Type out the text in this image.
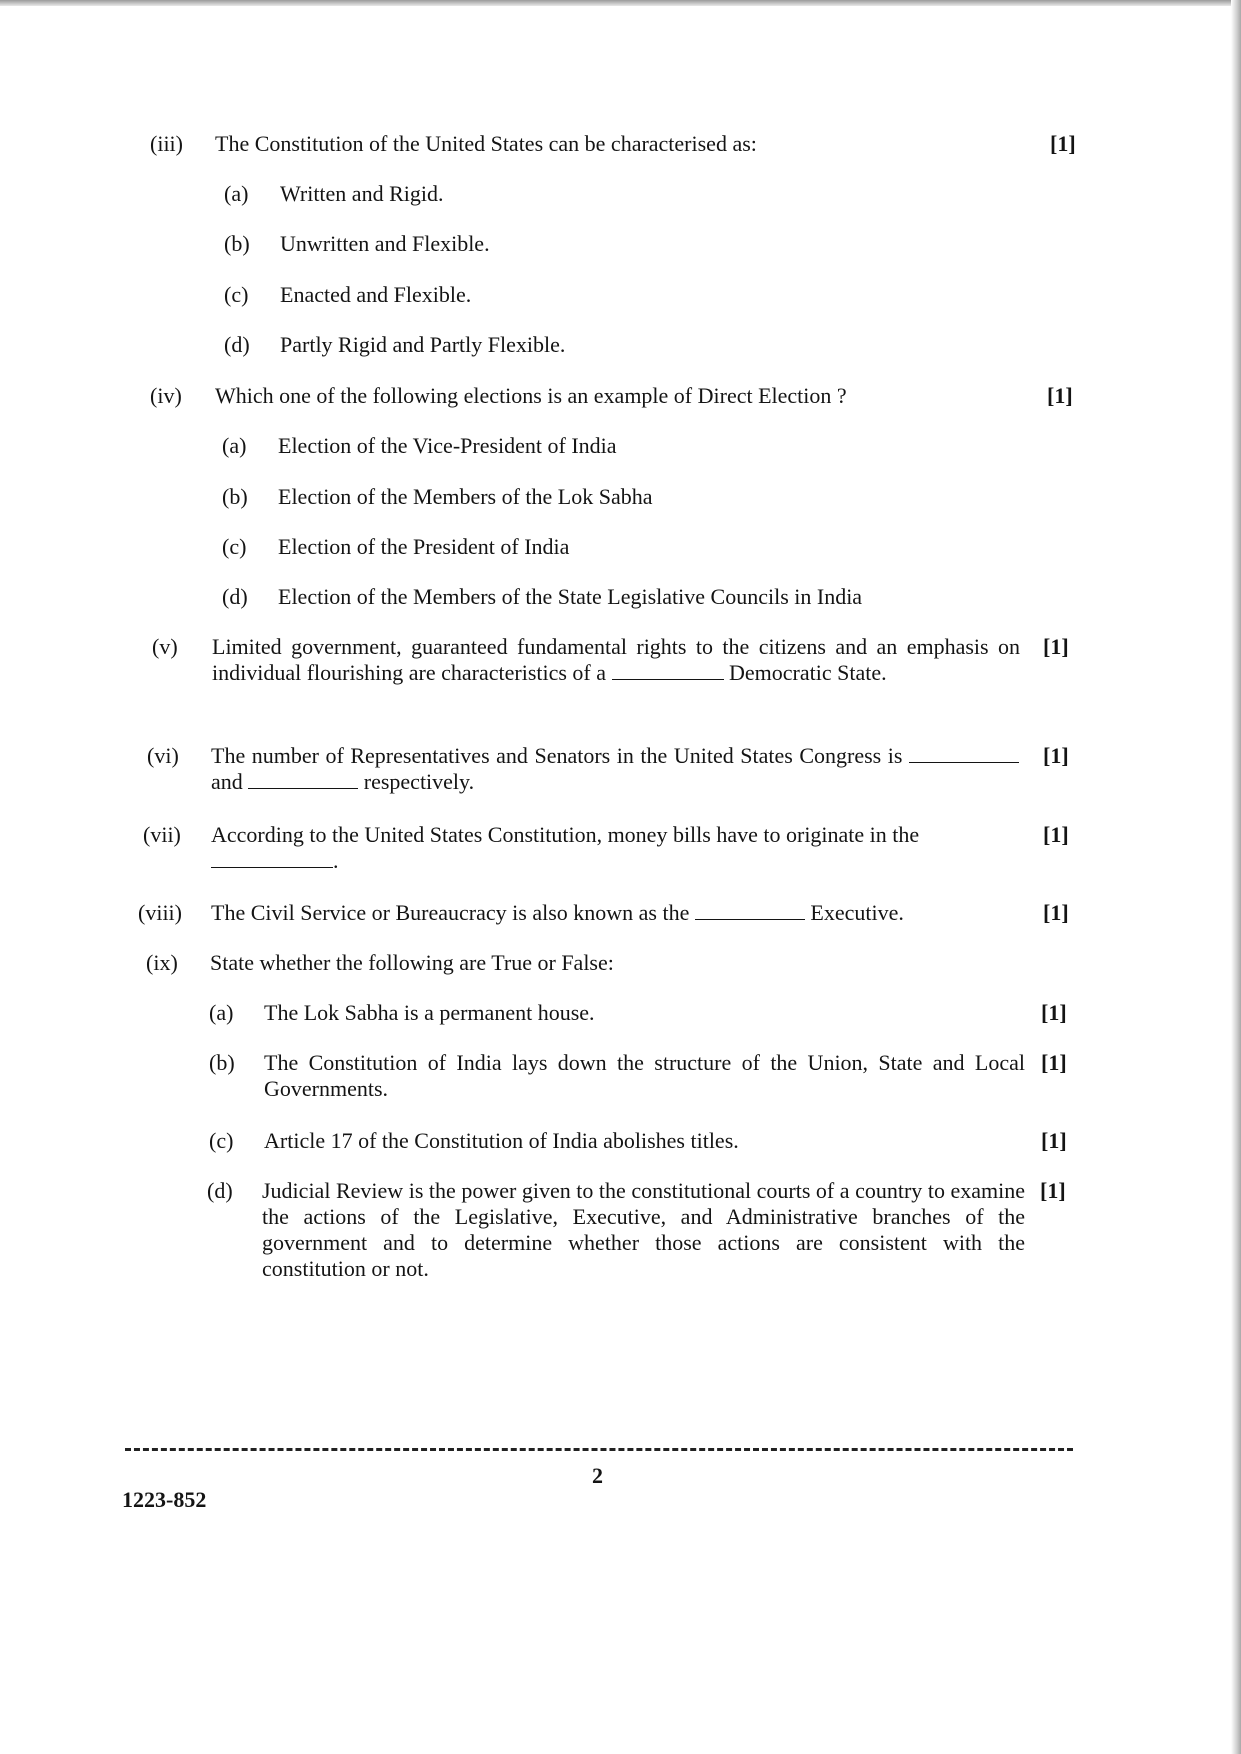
(iii) The Constitution of the United States can be characterised as:	[1]
(a) Written and Rigid.
(b) Unwritten and Flexible.
(c) Enacted and Flexible.
(d) Partly Rigid and Partly Flexible.
(iv) Which one of the following elections is an example of Direct Election ?	[1]
(a) Election of the Vice-President of India
(b) Election of the Members of the Lok Sabha
(c) Election of the President of India
(d) Election of the Members of the State Legislative Councils in India
(v) Limited government, guaranteed fundamental rights to the citizens and an emphasis on individual flourishing are characteristics of a	Democratic State.
[1]
(vi) The number of Representatives and Senators in the United States Congress is  and	respectively.
[1]
(vii) According to the United States Constitution, money bills have to originate in the
.
[1]
(viii) The Civil Service or Bureaucracy is also known as the	Executive.	[1]
(ix) State whether the following are True or False:
(a) The Lok Sabha is a permanent house.	[1]
(b) The Constitution of India lays down the structure of the Union, State and Local Governments.
[1]
(c) Article 17 of the Constitution of India abolishes titles.	[1]
(d) Judicial Review is the power given to the constitutional courts of a country to examine the actions of the Legislative, Executive, and Administrative branches of the government and to determine whether those actions are consistent with the constitution or not.
[1]
2
1223-852
